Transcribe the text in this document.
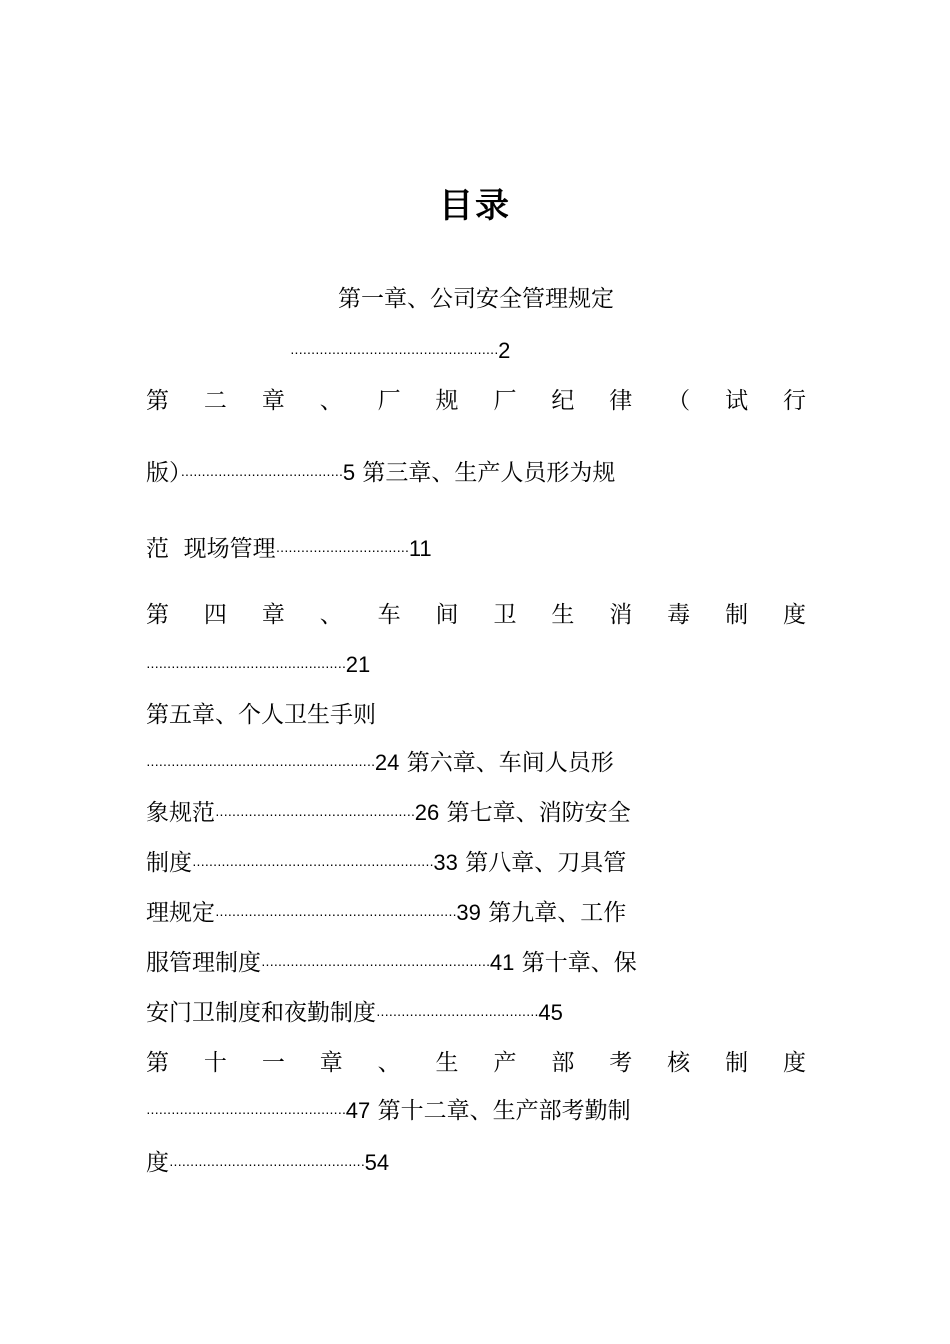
目录
第一章、公司安全管理规定
··················································2
第 二 章 、 厂 规 厂 纪 律 （ 试 行
版）·······································5 第三章、生产人员形为规
范  现场管理································11
第 四 章 、 车 间 卫 生 消 毒 制 度
················································21
第五章、个人卫生手则
·······················································24 第六章、车间人员形
象规范················································26 第七章、消防安全
制度··························································33 第八章、刀具管
理规定··························································39 第九章、工作
服管理制度·······················································41 第十章、保
安门卫制度和夜勤制度·······································45
第 十 一 章 、 生 产 部 考 核 制 度
················································47 第十二章、生产部考勤制
度···············································54
